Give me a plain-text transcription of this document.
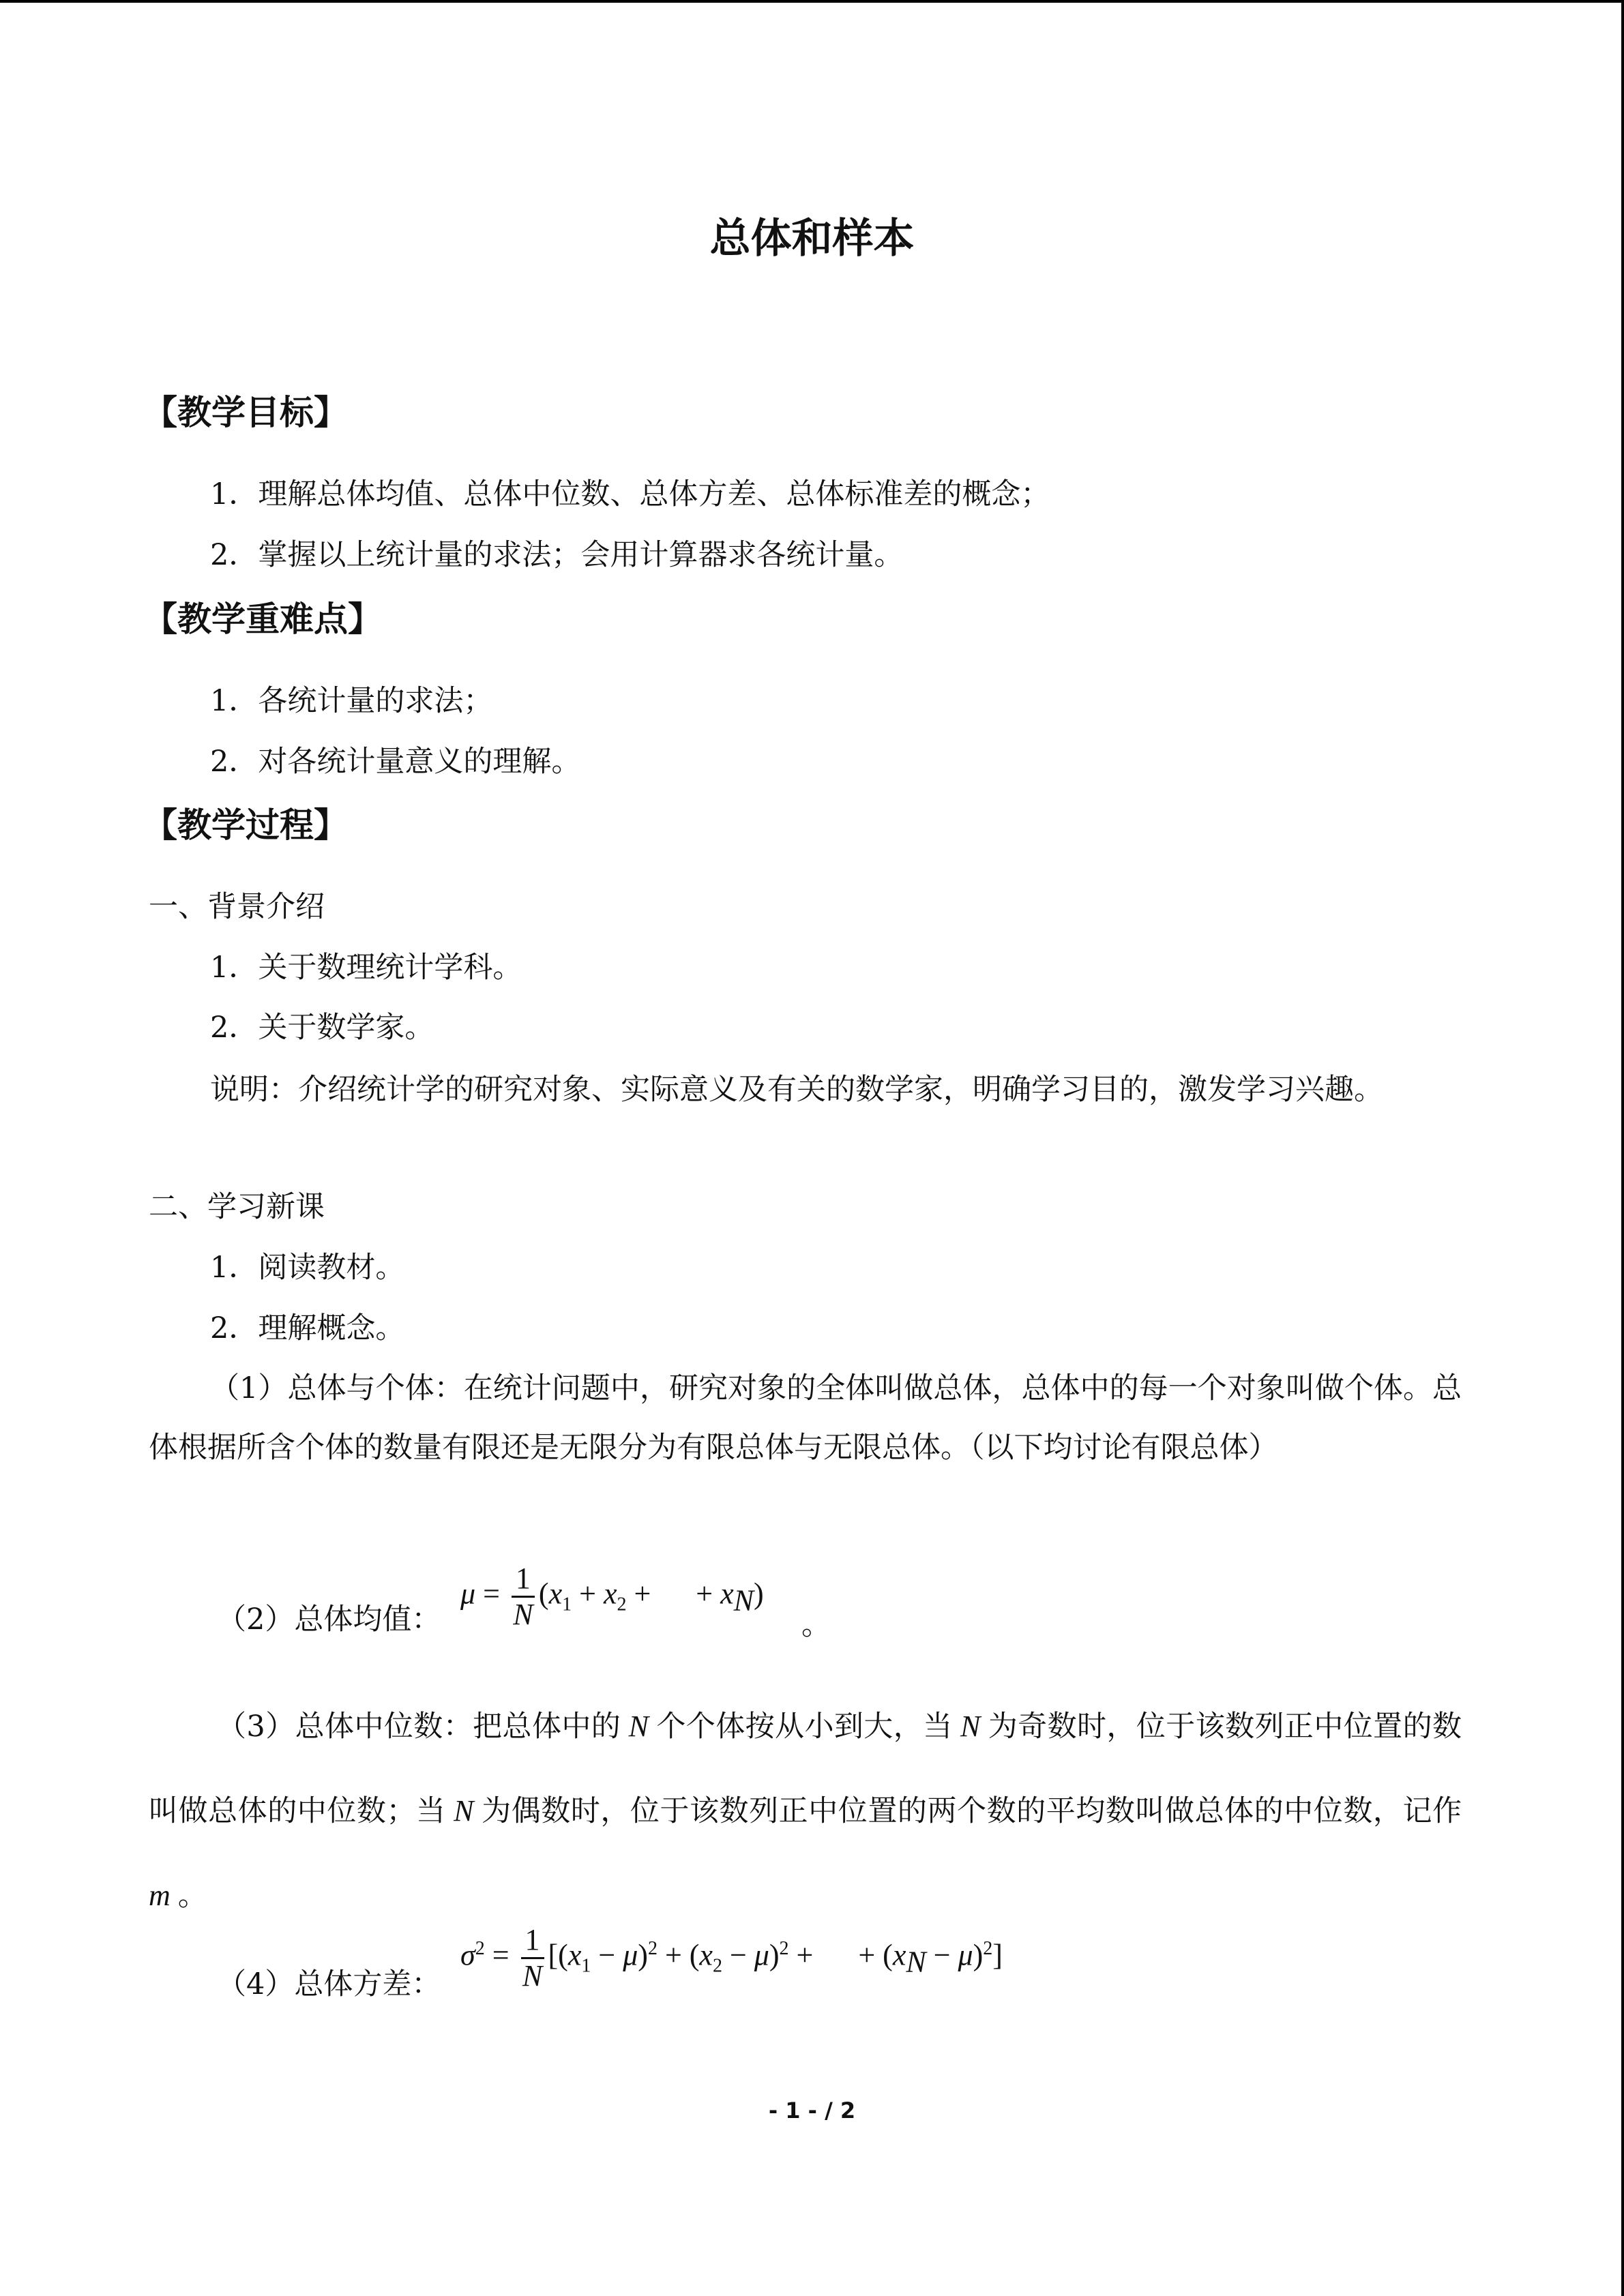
总体和样本
【教学目标】
1．理解总体均值、总体中位数、总体方差、总体标准差的概念；
2．掌握以上统计量的求法；会用计算器求各统计量。
【教学重难点】
1．各统计量的求法；
2．对各统计量意义的理解。
【教学过程】
一、背景介绍
1．关于数理统计学科。
2．关于数学家。
说明：介绍统计学的研究对象、实际意义及有关的数学家，明确学习目的，激发学习兴趣。
二、学习新课
1．阅读教材。
2．理解概念。
（1）总体与个体：在统计问题中，研究对象的全体叫做总体，总体中的每一个对象叫做个体。总体根据所含个体的数量有限还是无限分为有限总体与无限总体。（以下均讨论有限总体）
（2）总体均值：
$\mu = \frac{1}{N} (x_1 + x_2$ +      + $x_N$)
。
（3）总体中位数：把总体中的 N 个个体按从小到大，当 N 为奇数时，位于该数列正中位置的数叫做总体的中位数；当 N 为偶数时，位于该数列正中位置的两个数的平均数叫做总体的中位数，记作 m 。
（4）总体方差：
$\sigma^2 = \frac{1}{N} [(x_1 - \mu)^2 + (x_2 - \mu)^2$ +      + $(x_N - \mu)^2$]
- 1 - / 2
